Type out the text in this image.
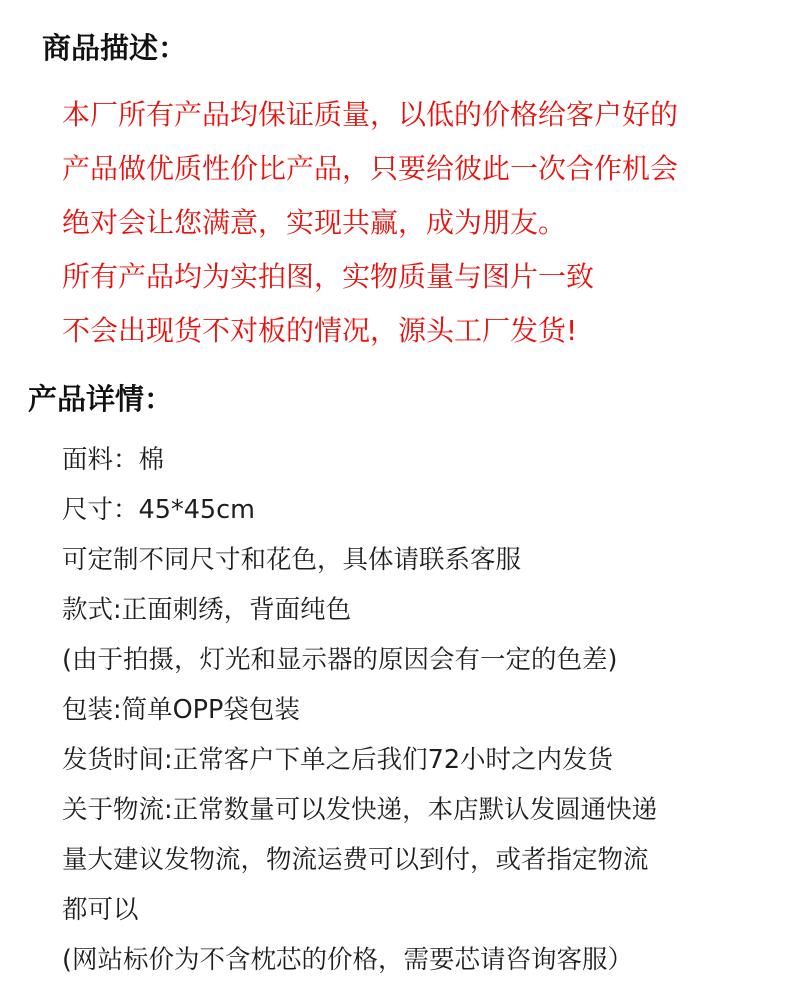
商品描述：
本厂所有产品均保证质量，以低的价格给客户好的
产品做优质性价比产品，只要给彼此一次合作机会
绝对会让您满意，实现共赢，成为朋友。
所有产品均为实拍图，实物质量与图片一致
不会出现货不对板的情况，源头工厂发货!
产品详情：
面料：棉
尺寸：45*45cm
可定制不同尺寸和花色，具体请联系客服
款式:正面刺绣，背面纯色
(由于拍摄，灯光和显示器的原因会有一定的色差)
包装:简单OPP袋包装
发货时间:正常客户下单之后我们72小时之内发货
关于物流:正常数量可以发快递，本店默认发圆通快递
量大建议发物流，物流运费可以到付，或者指定物流
都可以
(网站标价为不含枕芯的价格，需要芯请咨询客服）
